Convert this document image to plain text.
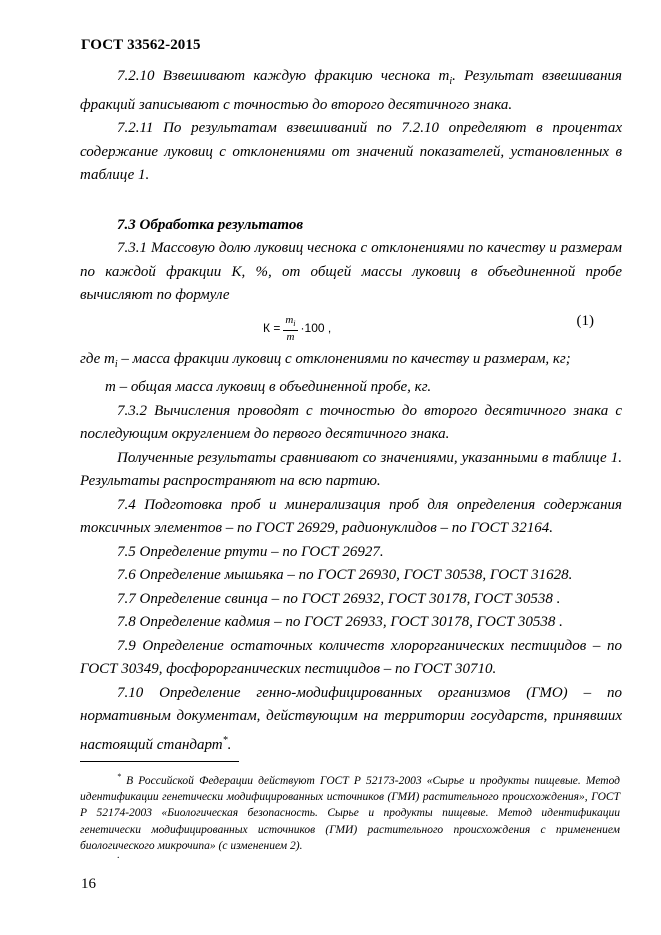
ГОСТ 33562-2015

7.2.10 Взвешивают каждую фракцию чеснока $m_i$. Результат взвешивания фракций записывают с точностью до второго десятичного знака.

7.2.11 По результатам взвешиваний по 7.2.10 определяют в процентах содержание луковиц с отклонениями от значений показателей, установленных в таблице 1.

7.3 Обработка результатов

7.3.1 Массовую долю луковиц чеснока с отклонениями по качеству и размерам по каждой фракции К, %, от общей массы луковиц в объединенной пробе вычисляют по формуле

$К = \frac{m_i}{m} \cdot 100$ ,	(1)

где $m_i$ – масса фракции луковиц с отклонениями по качеству и размерам, кг;

m – общая масса луковиц в объединенной пробе, кг.

7.3.2 Вычисления проводят с точностью до второго десятичного знака с последующим округлением до первого десятичного знака.

Полученные результаты сравнивают со значениями, указанными в таблице 1. Результаты распространяют на всю партию.

7.4 Подготовка проб и минерализация проб для определения содержания токсичных элементов – по ГОСТ 26929, радионуклидов – по ГОСТ 32164.

7.5 Определение ртути – по ГОСТ 26927.

7.6 Определение мышьяка – по ГОСТ 26930, ГОСТ 30538, ГОСТ 31628.

7.7 Определение свинца – по ГОСТ 26932, ГОСТ 30178, ГОСТ 30538 .

7.8 Определение кадмия – по ГОСТ 26933, ГОСТ 30178, ГОСТ 30538 .

7.9 Определение остаточных количеств хлорорганических пестицидов – по ГОСТ 30349, фосфорорганических пестицидов – по ГОСТ 30710.

7.10 Определение генно-модифицированных организмов (ГМО) – по нормативным документам, действующим на территории государств, принявших настоящий стандарт*.

* В Российской Федерации действуют ГОСТ Р 52173-2003 «Сырье и продукты пищевые. Метод идентификации генетически модифицированных источников (ГМИ) растительного происхождения», ГОСТ Р 52174-2003 «Биологическая безопасность. Сырье и продукты пищевые. Метод идентификации генетически модифицированных источников (ГМИ) растительного происхождения с применением биологического микрочипа» (с изменением 2).
.
16
